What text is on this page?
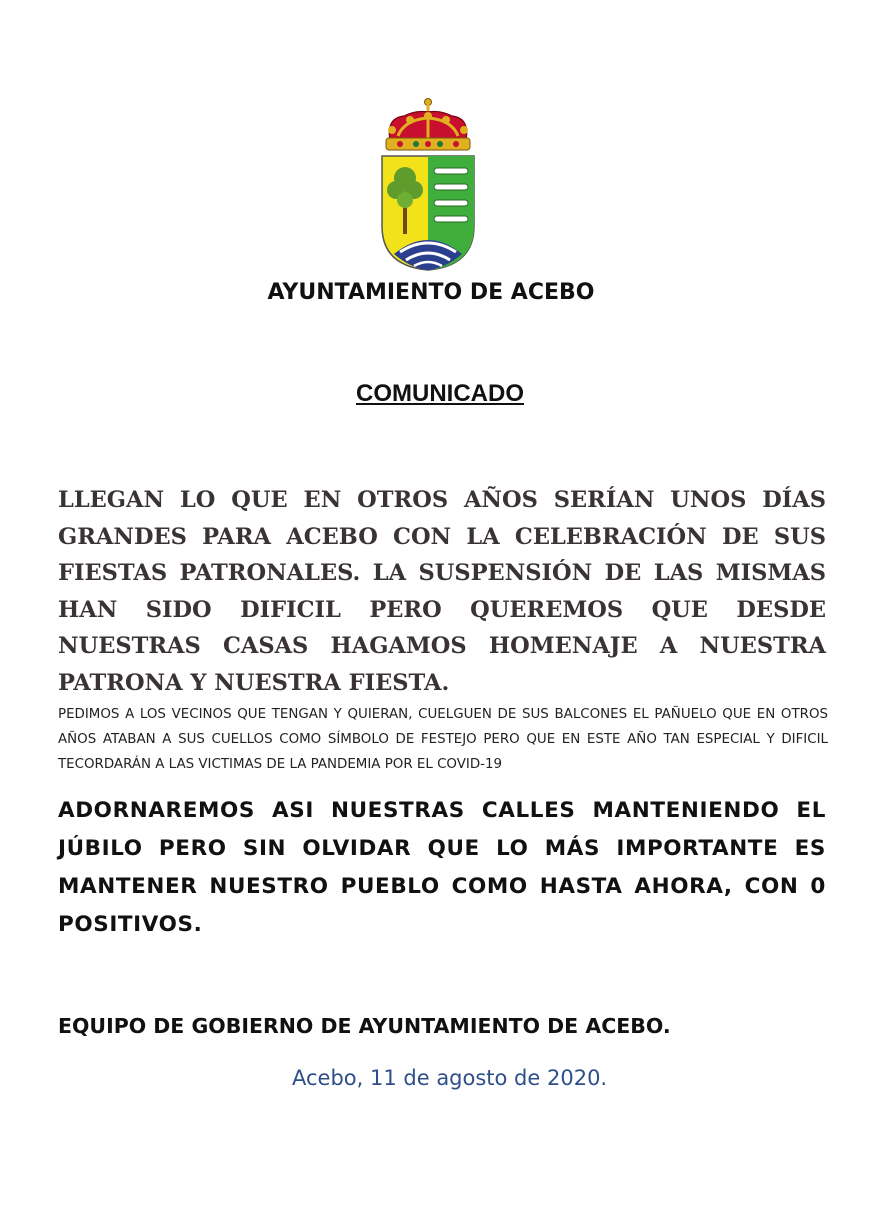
AYUNTAMIENTO DE ACEBO
COMUNICADO
LLEGAN LO QUE EN OTROS AÑOS SERÍAN UNOS DÍAS GRANDES PARA ACEBO CON LA CELEBRACIÓN DE SUS FIESTAS PATRONALES. LA SUSPENSIÓN DE LAS MISMAS HAN SIDO DIFICIL PERO QUEREMOS QUE DESDE NUESTRAS CASAS HAGAMOS HOMENAJE A NUESTRA PATRONA Y NUESTRA FIESTA.
PEDIMOS A LOS VECINOS QUE TENGAN Y QUIERAN, CUELGUEN DE SUS BALCONES EL PAÑUELO QUE EN OTROS AÑOS ATABAN A SUS CUELLOS COMO SÍMBOLO DE FESTEJO PERO QUE EN ESTE AÑO TAN ESPECIAL Y DIFICIL TECORDARÁN A LAS VICTIMAS DE LA PANDEMIA POR EL COVID-19
ADORNAREMOS ASI NUESTRAS CALLES MANTENIENDO EL JÚBILO PERO SIN OLVIDAR QUE LO MÁS IMPORTANTE ES MANTENER NUESTRO PUEBLO COMO HASTA AHORA, CON 0 POSITIVOS.
EQUIPO DE GOBIERNO DE AYUNTAMIENTO DE ACEBO.
Acebo, 11 de agosto de 2020.
